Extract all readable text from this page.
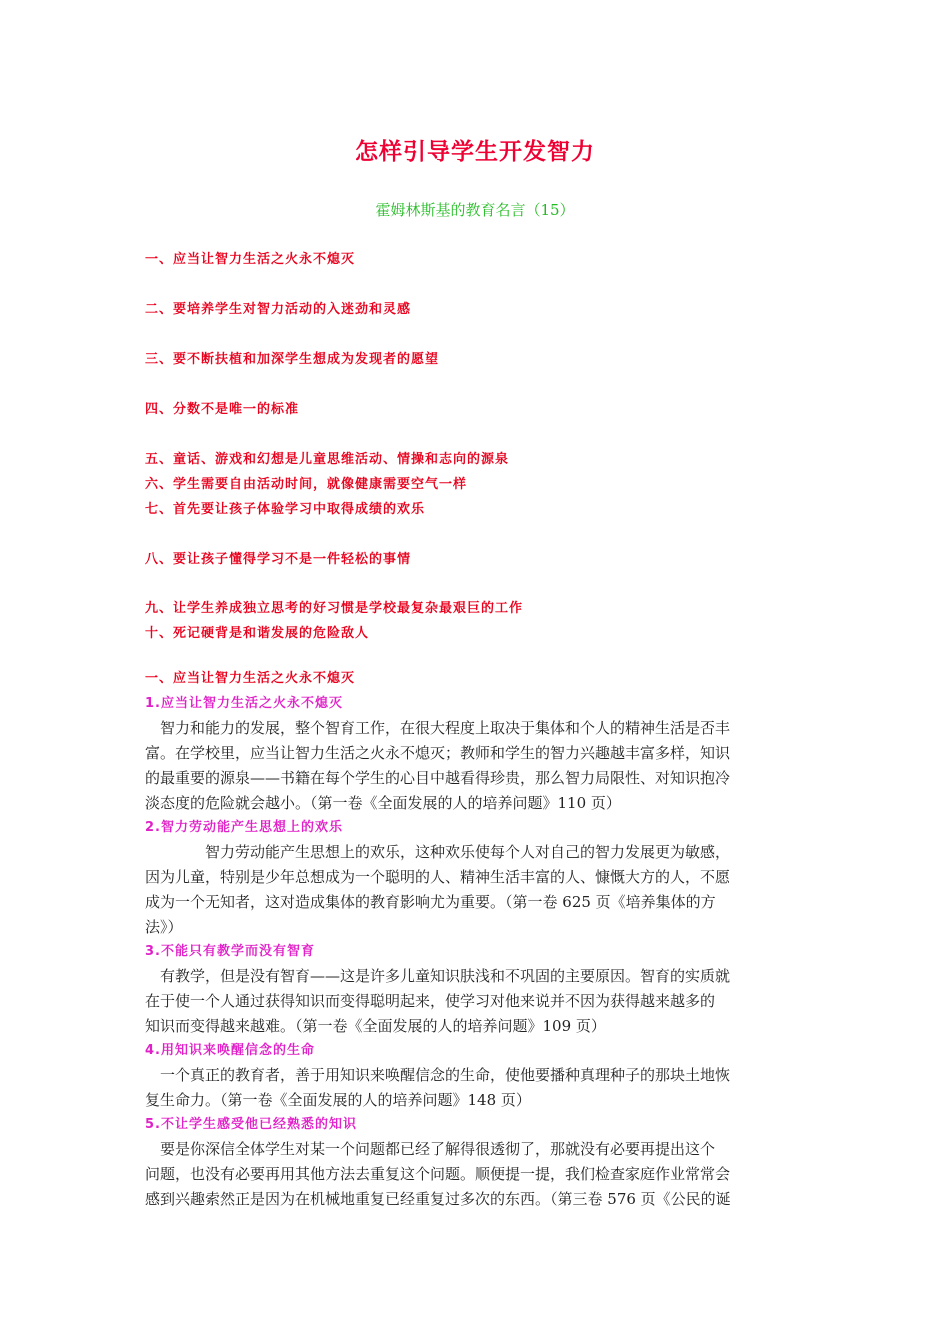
怎样引导学生开发智力
霍姆林斯基的教育名言（15）
一、应当让智力生活之火永不熄灭
二、要培养学生对智力活动的入迷劲和灵感
三、要不断扶植和加深学生想成为发现者的愿望
四、分数不是唯一的标准
五、童话、游戏和幻想是儿童思维活动、情操和志向的源泉
六、学生需要自由活动时间，就像健康需要空气一样
七、首先要让孩子体验学习中取得成绩的欢乐
八、要让孩子懂得学习不是一件轻松的事情
九、让学生养成独立思考的好习惯是学校最复杂最艰巨的工作
十、死记硬背是和谐发展的危险敌人
一、应当让智力生活之火永不熄灭
1.应当让智力生活之火永不熄灭
智力和能力的发展，整个智育工作，在很大程度上取决于集体和个人的精神生活是否丰
富。在学校里，应当让智力生活之火永不熄灭；教师和学生的智力兴趣越丰富多样，知识
的最重要的源泉——书籍在每个学生的心目中越看得珍贵，那么智力局限性、对知识抱冷
淡态度的危险就会越小。（第一卷《全面发展的人的培养问题》110 页）
2.智力劳动能产生思想上的欢乐
智力劳动能产生思想上的欢乐，这种欢乐使每个人对自己的智力发展更为敏感，
因为儿童，特别是少年总想成为一个聪明的人、精神生活丰富的人、慷慨大方的人，不愿
成为一个无知者，这对造成集体的教育影响尤为重要。（第一卷 625 页《培养集体的方
法》）
3.不能只有教学而没有智育
有教学，但是没有智育——这是许多儿童知识肤浅和不巩固的主要原因。智育的实质就
在于使一个人通过获得知识而变得聪明起来，使学习对他来说并不因为获得越来越多的
知识而变得越来越难。（第一卷《全面发展的人的培养问题》109 页）
4.用知识来唤醒信念的生命
一个真正的教育者，善于用知识来唤醒信念的生命，使他要播种真理种子的那块土地恢
复生命力。（第一卷《全面发展的人的培养问题》148 页）
5.不让学生感受他已经熟悉的知识
要是你深信全体学生对某一个问题都已经了解得很透彻了，那就没有必要再提出这个
问题，也没有必要再用其他方法去重复这个问题。顺便提一提，我们检查家庭作业常常会
感到兴趣索然正是因为在机械地重复已经重复过多次的东西。（第三卷 576 页《公民的诞
